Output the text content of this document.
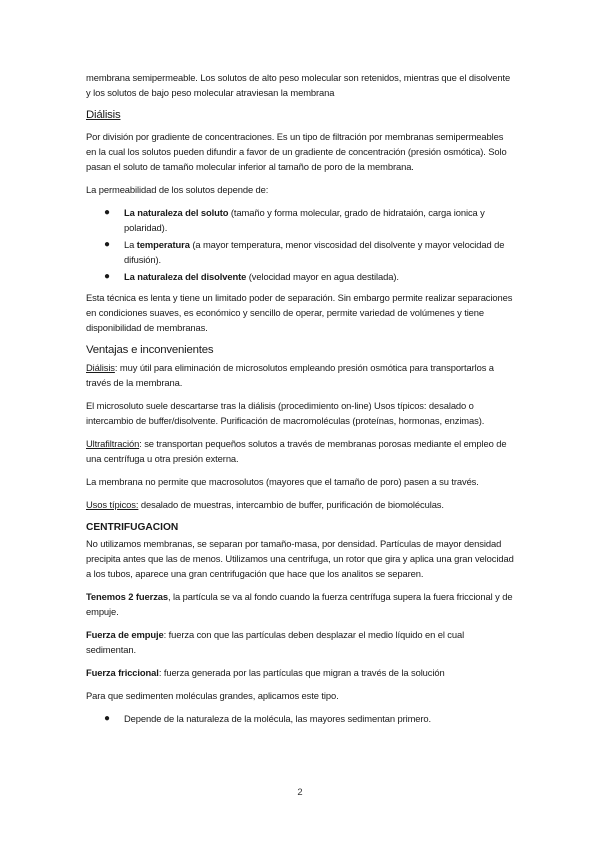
membrana semipermeable. Los solutos de alto peso molecular son retenidos, mientras que el disolvente y los solutos de bajo peso molecular atraviesan la membrana

Diálisis

Por división por gradiente de concentraciones. Es un tipo de filtración por membranas semipermeables en la cual los solutos pueden difundir a favor de un gradiente de concentración (presión osmótica). Solo pasan el soluto de tamaño molecular inferior al tamaño de poro de la membrana.

La permeabilidad de los solutos depende de:

● La naturaleza del soluto (tamaño y forma molecular, grado de hidrataión, carga ionica y polaridad).
● La temperatura (a mayor temperatura, menor viscosidad del disolvente y mayor velocidad de difusión).
● La naturaleza del disolvente (velocidad mayor en agua destilada).

Esta técnica es lenta y tiene un limitado poder de separación. Sin embargo permite realizar separaciones en condiciones suaves, es económico y sencillo de operar, permite variedad de volúmenes y tiene disponibilidad de membranas.

Ventajas e inconvenientes

Diálisis: muy útil para eliminación de microsolutos empleando presión osmótica para transportarlos a través de la membrana.

El microsoluto suele descartarse tras la diálisis (procedimiento on-line) Usos típicos: desalado o intercambio de buffer/disolvente. Purificación de macromoléculas (proteínas, hormonas, enzimas).

Ultrafiltración: se transportan pequeños solutos a través de membranas porosas mediante el empleo de una centrífuga u otra presión externa.

La membrana no permite que macrosolutos (mayores que el tamaño de poro) pasen a su través.

Usos típicos: desalado de muestras, intercambio de buffer, purificación de biomoléculas.

CENTRIFUGACION

No utilizamos membranas, se separan por tamaño-masa, por densidad. Partículas de mayor densidad precipita antes que las de menos. Utilizamos una centrifuga, un rotor que gira y aplica una gran velocidad a los tubos, aparece una gran centrifugación que hace que los analitos se separen.

Tenemos 2 fuerzas, la partícula se va al fondo cuando la fuerza centrífuga supera la fuera friccional y de empuje.

Fuerza de empuje: fuerza con que las partículas deben desplazar el medio líquido en el cual sedimentan.

Fuerza friccional: fuerza generada por las partículas que migran a través de la solución

Para que sedimenten moléculas grandes, aplicamos este tipo.

● Depende de la naturaleza de la molécula, las mayores sedimentan primero.
2
